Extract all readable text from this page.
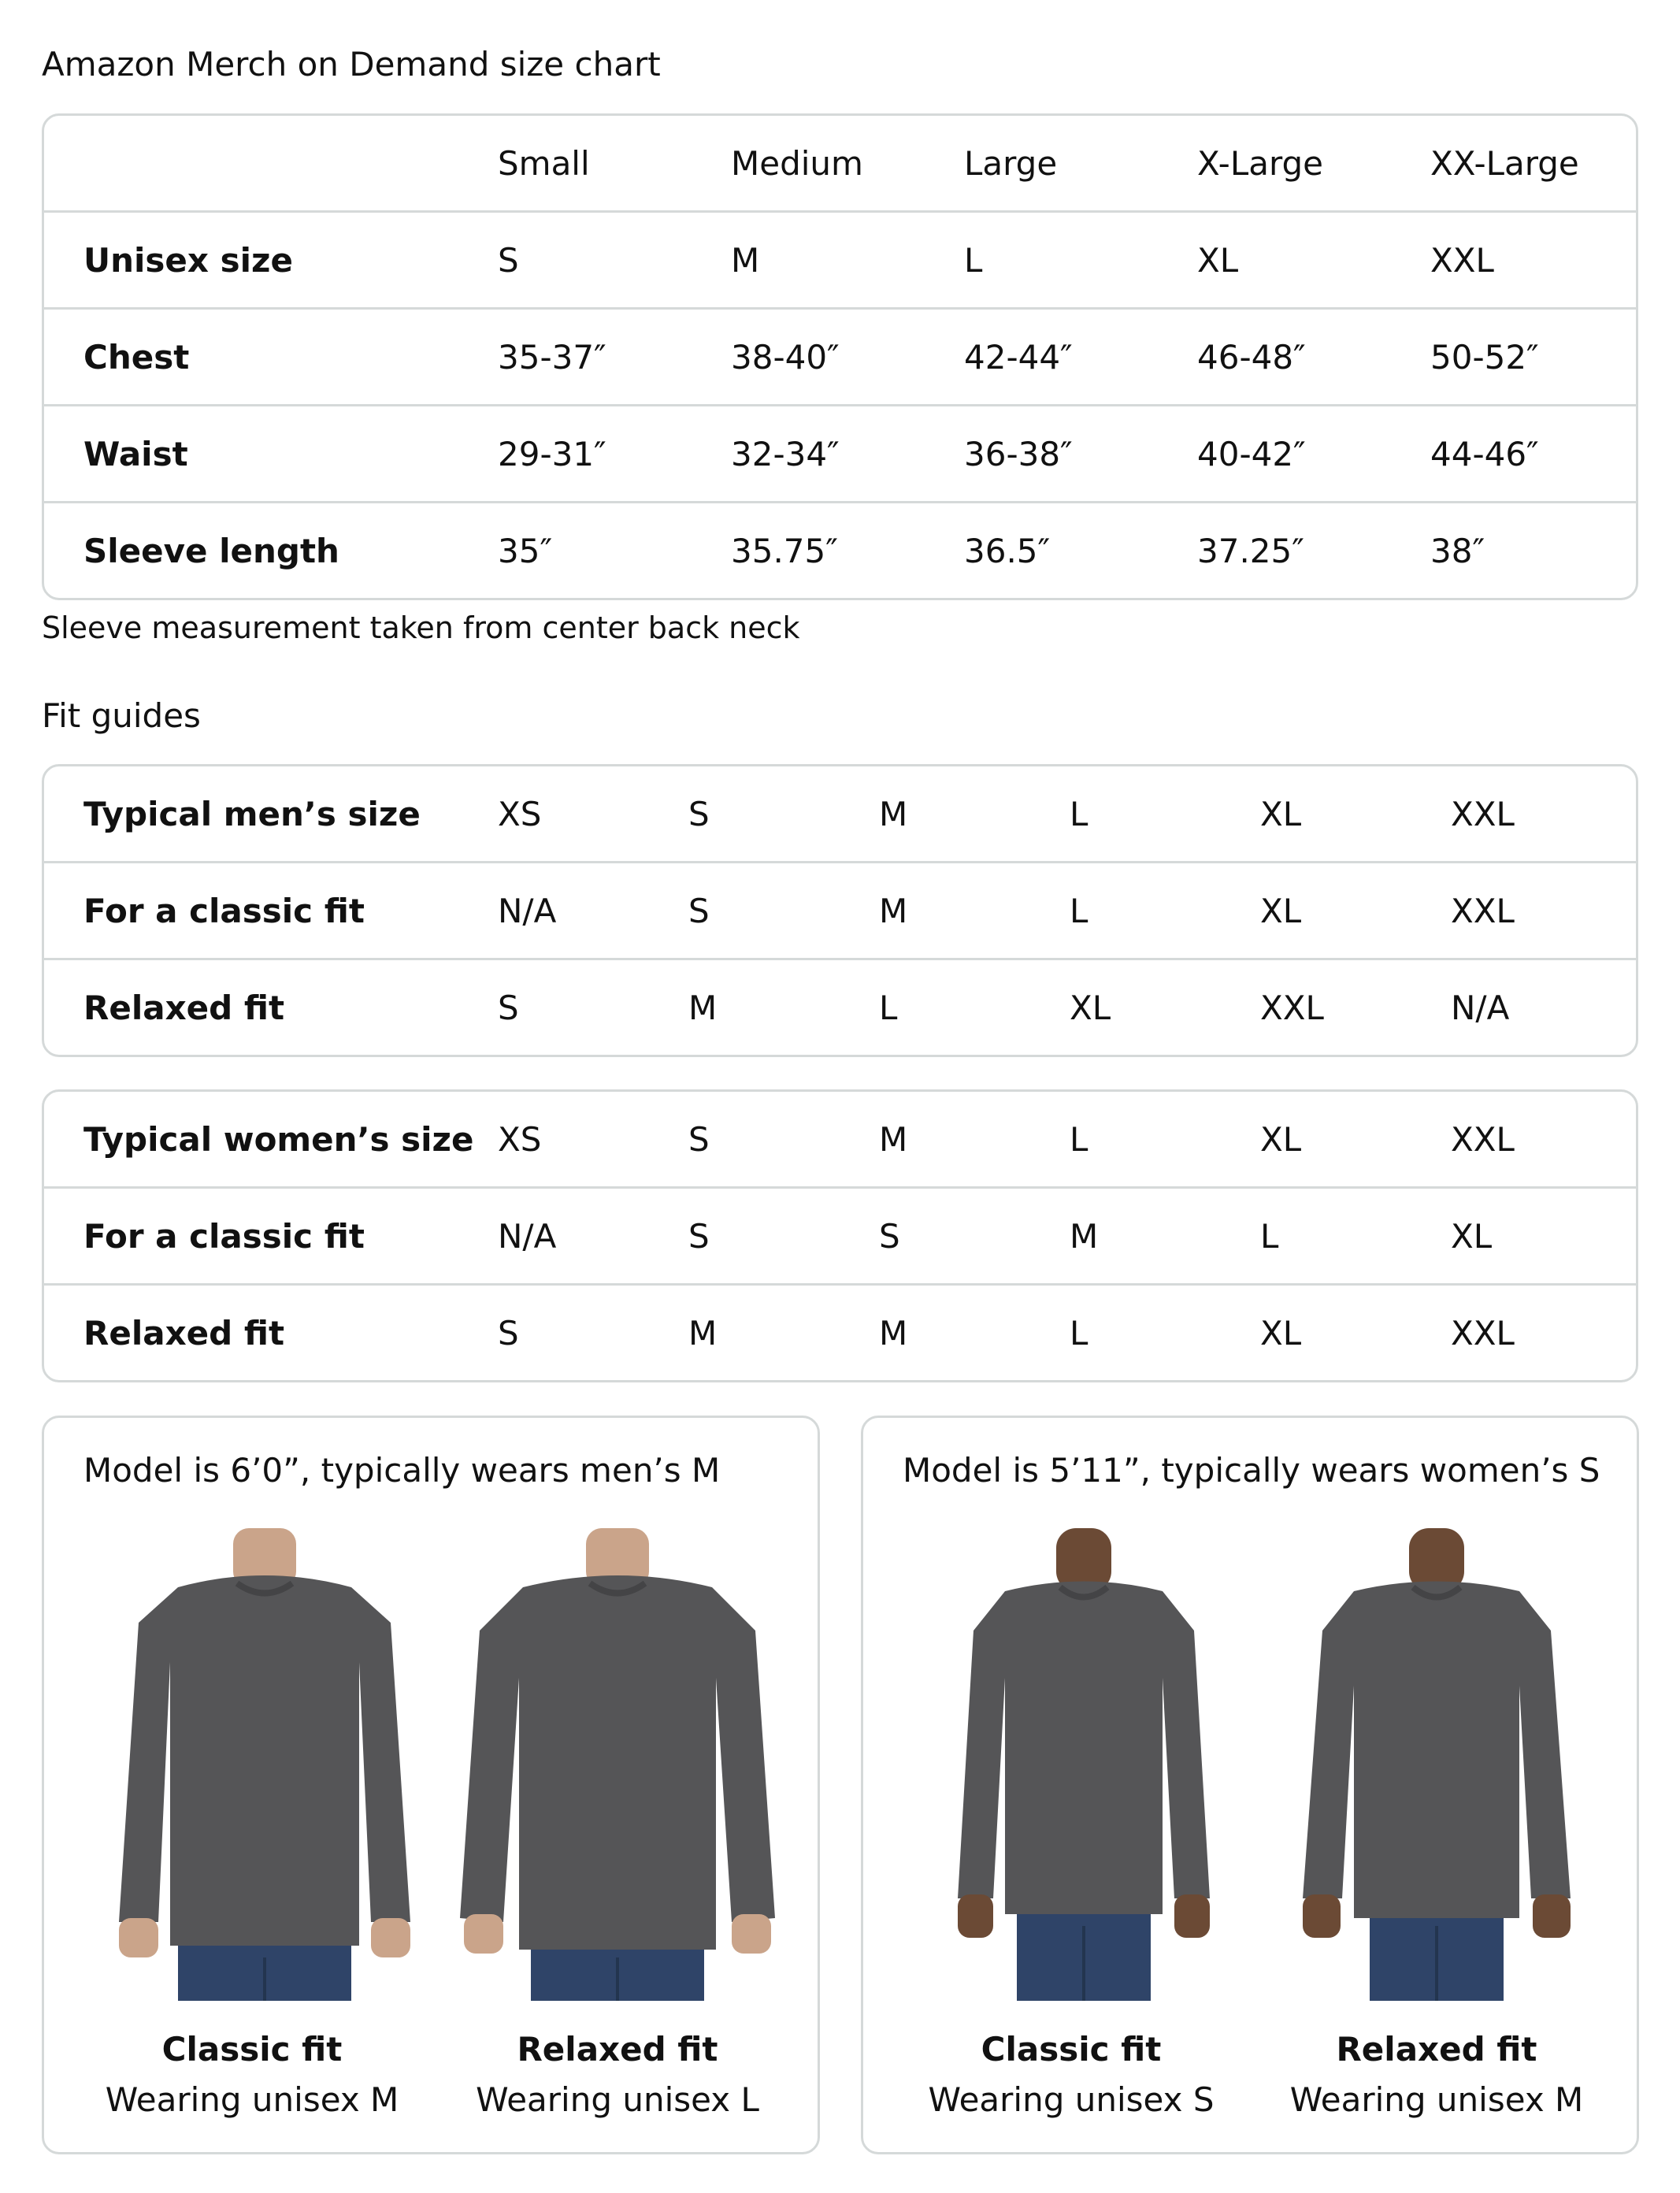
Amazon Merch on Demand size chart
	Small	Medium	Large	X-Large	XX-Large
Unisex size	S	M	L	XL	XXL
Chest	35-37″	38-40″	42-44″	46-48″	50-52″
Waist	29-31″	32-34″	36-38″	40-42″	44-46″
Sleeve length	35″	35.75″	36.5″	37.25″	38″
Sleeve measurement taken from center back neck
Fit guides
Typical men’s size	XS	S	M	L	XL	XXL
For a classic fit	N/A	S	M	L	XL	XXL
Relaxed fit	S	M	L	XL	XXL	N/A
Typical women’s size	XS	S	M	L	XL	XXL
For a classic fit	N/A	S	S	M	L	XL
Relaxed fit	S	M	M	L	XL	XXL
Model is 6’0”, typically wears men’s M
Classic fit
Wearing unisex M
Relaxed fit
Wearing unisex L
Model is 5’11”, typically wears women’s S
Classic fit
Wearing unisex S
Relaxed fit
Wearing unisex M
